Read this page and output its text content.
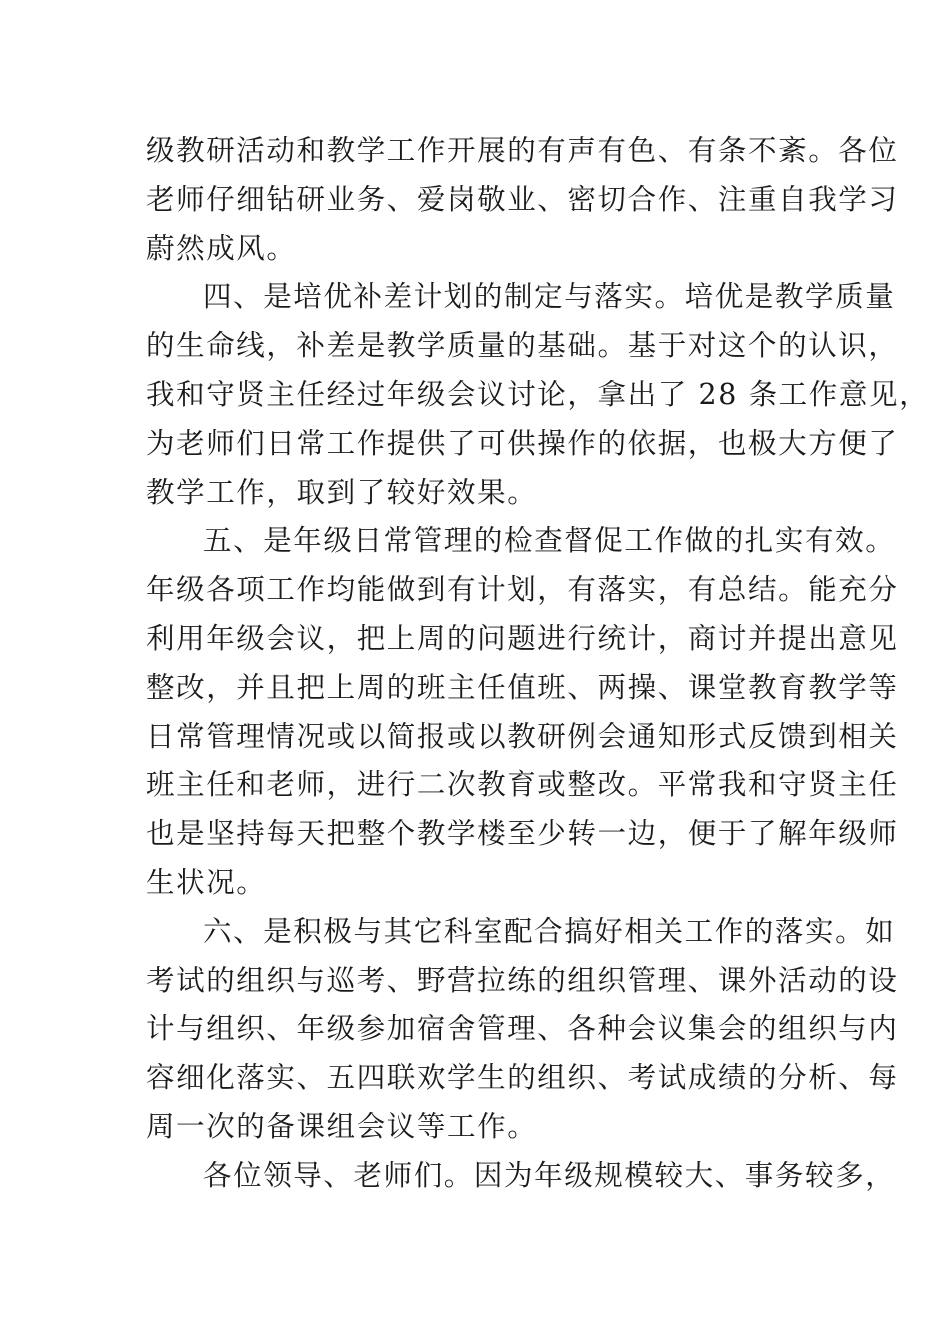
级教研活动和教学工作开展的有声有色、有条不紊。各位
老师仔细钻研业务、爱岗敬业、密切合作、注重自我学习
蔚然成风。

四、是培优补差计划的制定与落实。培优是教学质量
的生命线，补差是教学质量的基础。基于对这个的认识，
我和守贤主任经过年级会议讨论，拿出了 28 条工作意见，
为老师们日常工作提供了可供操作的依据，也极大方便了
教学工作，取到了较好效果。

五、是年级日常管理的检查督促工作做的扎实有效。
年级各项工作均能做到有计划，有落实，有总结。能充分
利用年级会议，把上周的问题进行统计，商讨并提出意见
整改，并且把上周的班主任值班、两操、课堂教育教学等
日常管理情况或以简报或以教研例会通知形式反馈到相关
班主任和老师，进行二次教育或整改。平常我和守贤主任
也是坚持每天把整个教学楼至少转一边，便于了解年级师
生状况。

六、是积极与其它科室配合搞好相关工作的落实。如
考试的组织与巡考、野营拉练的组织管理、课外活动的设
计与组织、年级参加宿舍管理、各种会议集会的组织与内
容细化落实、五四联欢学生的组织、考试成绩的分析、每
周一次的备课组会议等工作。

各位领导、老师们。因为年级规模较大、事务较多，
